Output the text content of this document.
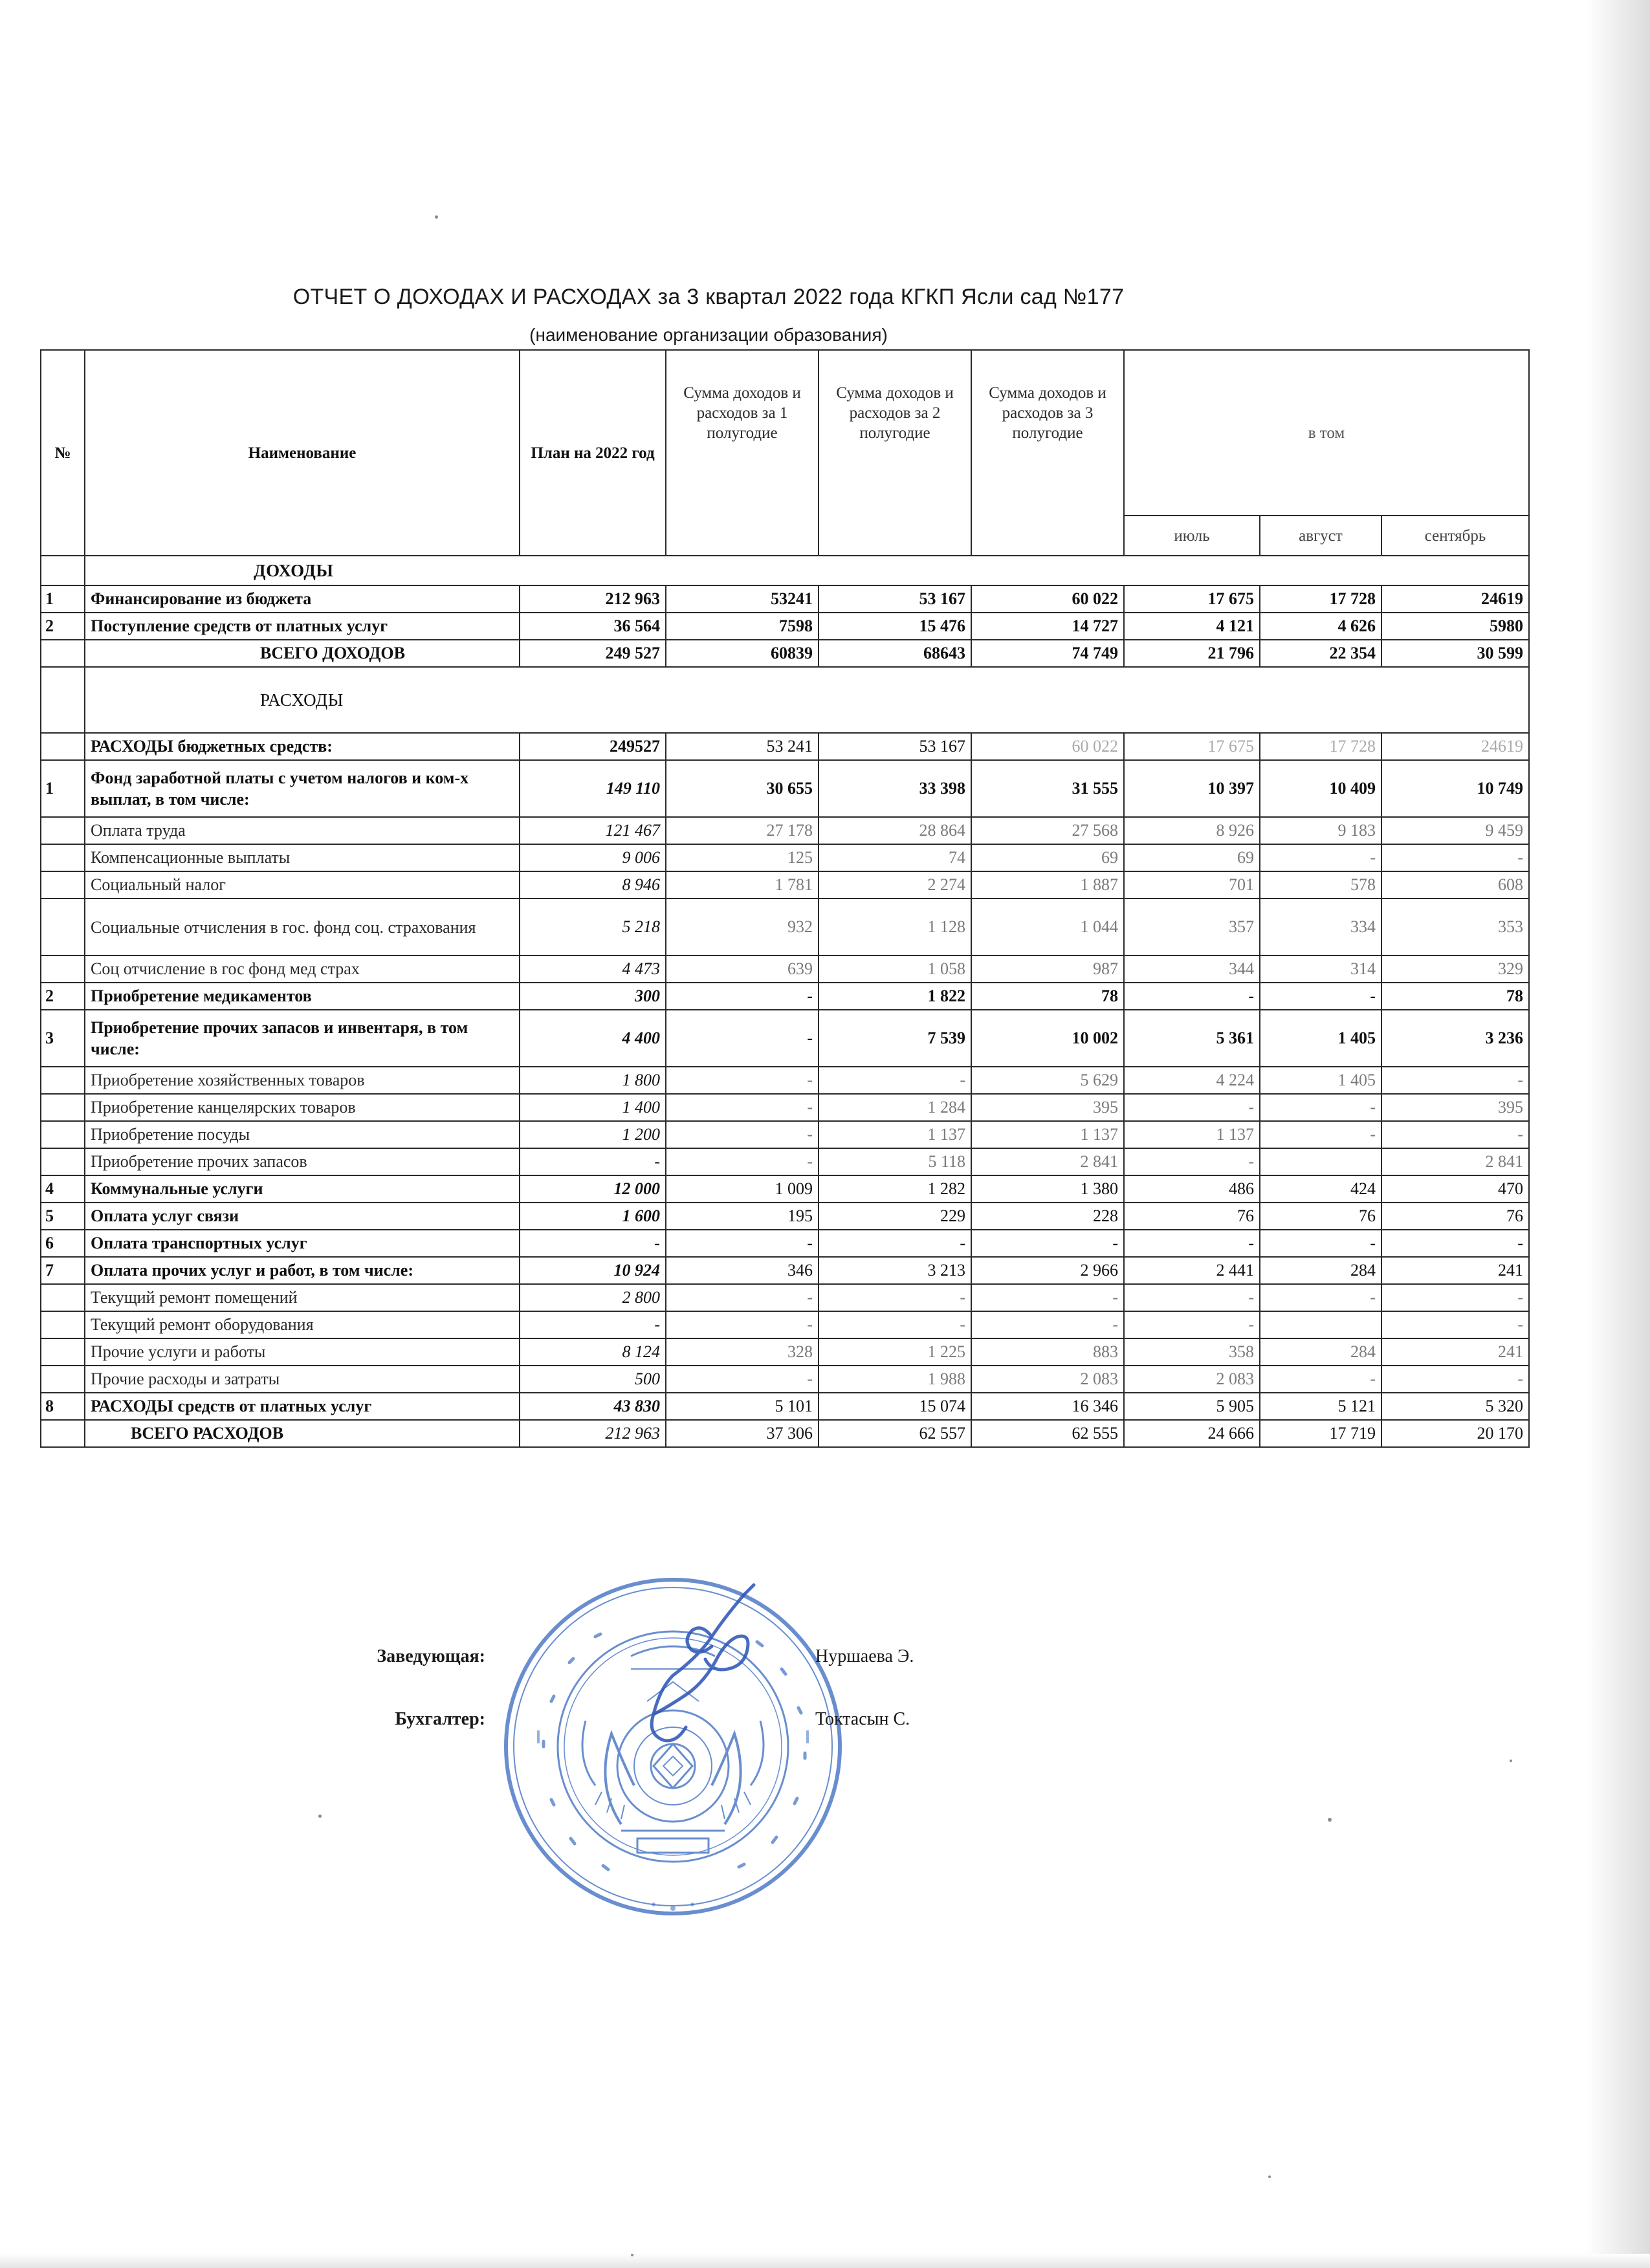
ОТЧЕТ О ДОХОДАХ И РАСХОДАХ за 3 квартал 2022 года КГКП Ясли сад №177
(наименование организации образования)
№	Наименование	План на 2022 год	Сумма доходов и расходов за 1 полугодие	Сумма доходов и расходов за 2 полугодие	Сумма доходов и расходов за 3 полугодие	в том		
						июль	август	сентябрь
	ДОХОДЫ							
1	Финансирование из бюджета	212 963	53241	53 167	60 022	17 675	17 728	24619
2	Поступление средств от платных услуг	36 564	7598	15 476	14 727	4 121	4 626	5980
	ВСЕГО ДОХОДОВ	249 527	60839	68643	74 749	21 796	22 354	30 599
	РАСХОДЫ							
	РАСХОДЫ бюджетных средств:	249527	53 241	53 167	60 022	17 675	17 728	24619
1	Фонд заработной платы с учетом налогов и ком-х выплат, в том числе:	149 110	30 655	33 398	31 555	10 397	10 409	10 749
	Оплата труда	121 467	27 178	28 864	27 568	8 926	9 183	9 459
	Компенсационные выплаты	9 006	125	74	69	69	-	-
	Социальный налог	8 946	1 781	2 274	1 887	701	578	608
	Социальные отчисления в гос. фонд соц. страхования	5 218	932	1 128	1 044	357	334	353
	Соц отчисление в гос фонд мед страх	4 473	639	1 058	987	344	314	329
2	Приобретение медикаментов	300	-	1 822	78	-	-	78
3	Приобретение прочих запасов и инвентаря, в том числе:	4 400	-	7 539	10 002	5 361	1 405	3 236
	Приобретение хозяйственных товаров	1 800	-	-	5 629	4 224	1 405	-
	Приобретение канцелярских товаров	1 400	-	1 284	395	-	-	395
	Приобретение посуды	1 200	-	1 137	1 137	1 137	-	-
	Приобретение прочих запасов	-	-	5 118	2 841	-		2 841
4	Коммунальные услуги	12 000	1 009	1 282	1 380	486	424	470
5	Оплата услуг связи	1 600	195	229	228	76	76	76
6	Оплата транспортных услуг	-	-	-	-	-	-	-
7	Оплата прочих услуг и работ, в том числе:	10 924	346	3 213	2 966	2 441	284	241
	Текущий ремонт помещений	2 800	-	-	-	-	-	-
	Текущий ремонт оборудования	-	-	-	-	-		-
	Прочие услуги и работы	8 124	328	1 225	883	358	284	241
	Прочие расходы и затраты	500	-	1 988	2 083	2 083	-	-
8	РАСХОДЫ средств от платных услуг	43 830	5 101	15 074	16 346	5 905	5 121	5 320
	ВСЕГО РАСХОДОВ	212 963	37 306	62 557	62 555	24 666	17 719	20 170
Заведующая:	Нуршаева Э.
Бухгалтер:	Токтасын С.
